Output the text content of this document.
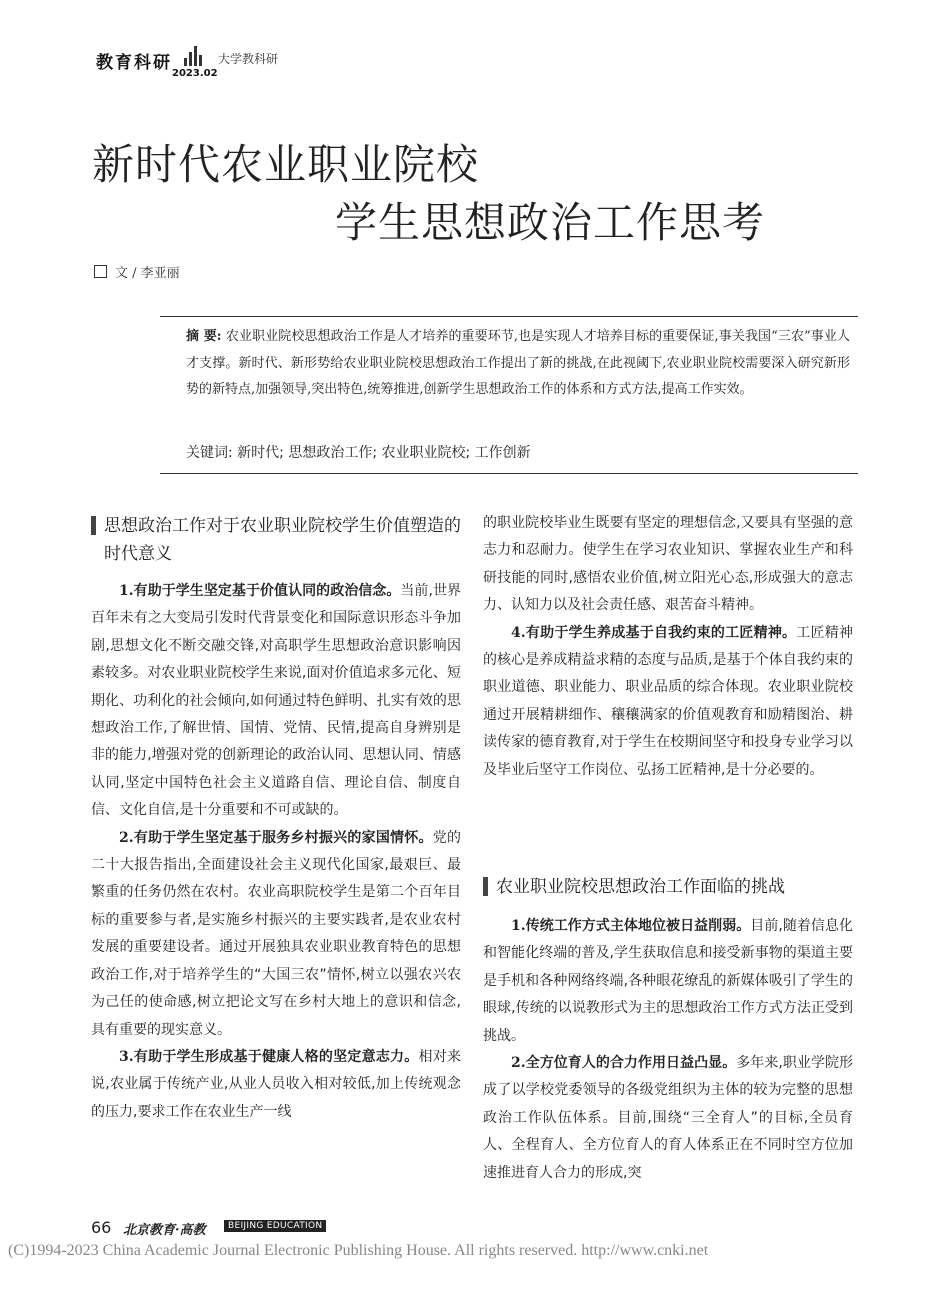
教育科研
2023.02
大学教科研
新时代农业职业院校
学生思想政治工作思考
文 / 李亚丽
摘 要: 农业职业院校思想政治工作是人才培养的重要环节,也是实现人才培养目标的重要保证,事关我国“三农”事业人才支撑。新时代、新形势给农业职业院校思想政治工作提出了新的挑战,在此视阈下,农业职业院校需要深入研究新形势的新特点,加强领导,突出特色,统筹推进,创新学生思想政治工作的体系和方式方法,提高工作实效。
关键词: 新时代; 思想政治工作; 农业职业院校; 工作创新
思想政治工作对于农业职业院校学生价值塑造的时代意义

1.有助于学生坚定基于价值认同的政治信念。当前,世界百年未有之大变局引发时代背景变化和国际意识形态斗争加剧,思想文化不断交融交锋,对高职学生思想政治意识影响因素较多。对农业职业院校学生来说,面对价值追求多元化、短期化、功利化的社会倾向,如何通过特色鲜明、扎实有效的思想政治工作,了解世情、国情、党情、民情,提高自身辨别是非的能力,增强对党的创新理论的政治认同、思想认同、情感认同,坚定中国特色社会主义道路自信、理论自信、制度自信、文化自信,是十分重要和不可或缺的。

2.有助于学生坚定基于服务乡村振兴的家国情怀。党的二十大报告指出,全面建设社会主义现代化国家,最艰巨、最繁重的任务仍然在农村。农业高职院校学生是第二个百年目标的重要参与者,是实施乡村振兴的主要实践者,是农业农村发展的重要建设者。通过开展独具农业职业教育特色的思想政治工作,对于培养学生的“大国三农”情怀,树立以强农兴农为己任的使命感,树立把论文写在乡村大地上的意识和信念,具有重要的现实意义。

3.有助于学生形成基于健康人格的坚定意志力。相对来说,农业属于传统产业,从业人员收入相对较低,加上传统观念的压力,要求工作在农业生产一线

的职业院校毕业生既要有坚定的理想信念,又要具有坚强的意志力和忍耐力。使学生在学习农业知识、掌握农业生产和科研技能的同时,感悟农业价值,树立阳光心态,形成强大的意志力、认知力以及社会责任感、艰苦奋斗精神。

4.有助于学生养成基于自我约束的工匠精神。工匠精神的核心是养成精益求精的态度与品质,是基于个体自我约束的职业道德、职业能力、职业品质的综合体现。农业职业院校通过开展精耕细作、穰穰满家的价值观教育和励精图治、耕读传家的德育教育,对于学生在校期间坚守和投身专业学习以及毕业后坚守工作岗位、弘扬工匠精神,是十分必要的。

农业职业院校思想政治工作面临的挑战

1.传统工作方式主体地位被日益削弱。目前,随着信息化和智能化终端的普及,学生获取信息和接受新事物的渠道主要是手机和各种网络终端,各种眼花缭乱的新媒体吸引了学生的眼球,传统的以说教形式为主的思想政治工作方式方法正受到挑战。

2.全方位育人的合力作用日益凸显。多年来,职业学院形成了以学校党委领导的各级党组织为主体的较为完整的思想政治工作队伍体系。目前,围绕“三全育人”的目标,全员育人、全程育人、全方位育人的育人体系正在不同时空方位加速推进育人合力的形成,突

66 北京教育·高教	BEIJING EDUCATION
(C)1994-2023 China Academic Journal Electronic Publishing House. All rights reserved. http://www.cnki.net
